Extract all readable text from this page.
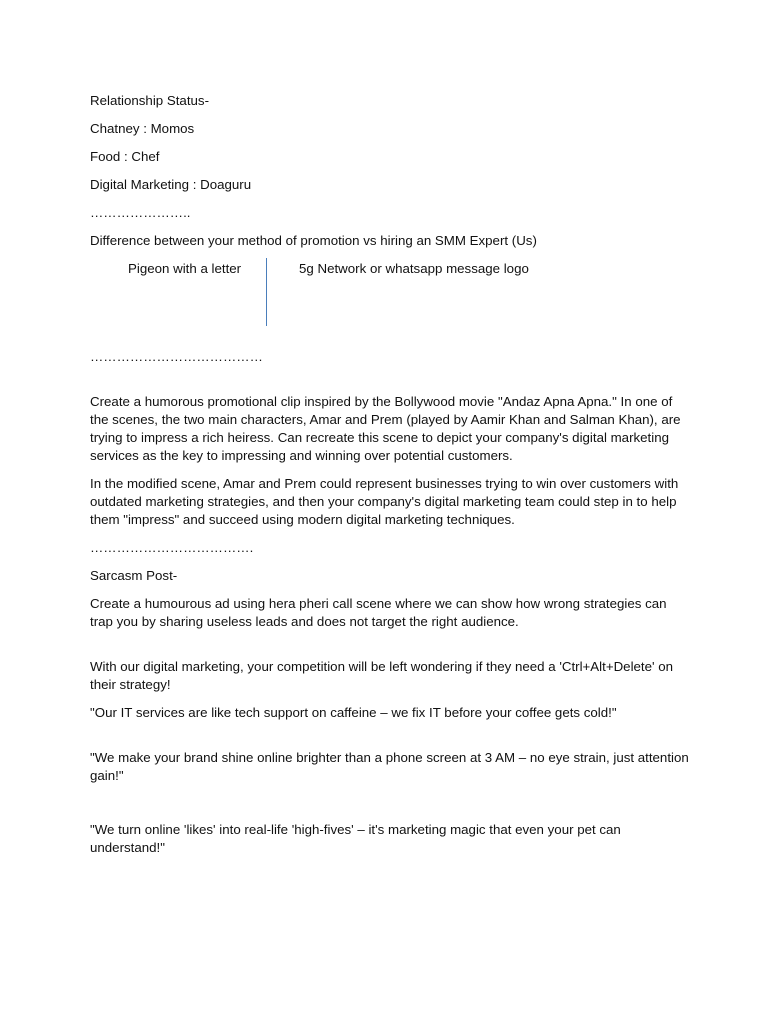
Relationship Status-

Chatney : Momos

Food : Chef

Digital Marketing : Doaguru

…………………..

Difference between your method of promotion vs hiring an SMM Expert (Us)

Pigeon with a letter	5g Network or whatsapp message logo

…………………………………

Create a humorous promotional clip inspired by the Bollywood movie "Andaz Apna Apna." In one of the scenes, the two main characters, Amar and Prem (played by Aamir Khan and Salman Khan), are trying to impress a rich heiress. Can recreate this scene to depict your company's digital marketing services as the key to impressing and winning over potential customers.

In the modified scene, Amar and Prem could represent businesses trying to win over customers with outdated marketing strategies, and then your company's digital marketing team could step in to help them "impress" and succeed using modern digital marketing techniques.

……………………………….

Sarcasm Post-

Create a humourous ad using hera pheri call scene where we can show how wrong strategies can trap you by sharing useless leads and does not target the right audience.

With our digital marketing, your competition will be left wondering if they need a 'Ctrl+Alt+Delete' on their strategy!

"Our IT services are like tech support on caffeine – we fix IT before your coffee gets cold!"

"We make your brand shine online brighter than a phone screen at 3 AM – no eye strain, just attention gain!"

"We turn online 'likes' into real-life 'high-fives' – it's marketing magic that even your pet can understand!"
